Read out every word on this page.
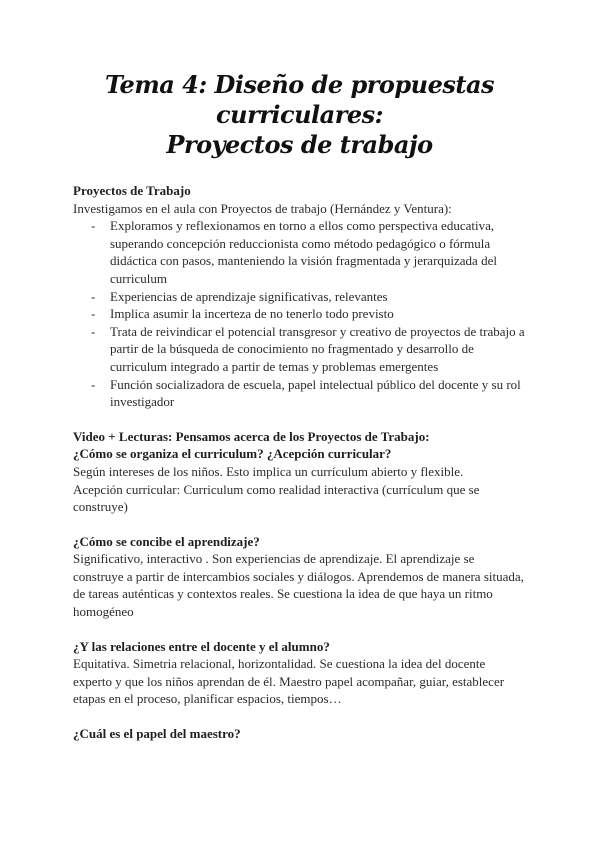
Tema 4: Diseño de propuestas curriculares:
Proyectos de trabajo

Proyectos de Trabajo

Investigamos en el aula con Proyectos de trabajo (Hernández y Ventura):

- Exploramos y reflexionamos en torno a ellos como perspectiva educativa, superando concepción reduccionista como método pedagógico o fórmula didáctica con pasos, manteniendo la visión fragmentada y jerarquizada del curriculum
- Experiencias de aprendizaje significativas, relevantes
- Implica asumir la incerteza de no tenerlo todo previsto
- Trata de reivindicar el potencial transgresor y creativo de proyectos de trabajo a partir de la búsqueda de conocimiento no fragmentado y desarrollo de curriculum integrado a partir de temas y problemas emergentes
- Función socializadora de escuela, papel intelectual público del docente y su rol investigador

Video + Lecturas: Pensamos acerca de los Proyectos de Trabajo:

¿Cómo se organiza el curriculum? ¿Acepción curricular?

Según intereses de los niños. Esto implica un currículum abierto y flexible.

Acepción curricular: Curriculum como realidad interactiva (currículum que se construye)

¿Cómo se concibe el aprendizaje?

Significativo, interactivo . Son experiencias de aprendizaje. El aprendizaje se construye a partir de intercambios sociales y diálogos. Aprendemos de manera situada, de tareas auténticas y contextos reales. Se cuestiona la idea de que haya un ritmo homogéneo

¿Y las relaciones entre el docente y el alumno?

Equitativa. Simetria relacional, horizontalidad. Se cuestiona la idea del docente experto y que los niños aprendan de él. Maestro papel acompañar, guiar, establecer etapas en el proceso, planificar espacios, tiempos…

¿Cuál es el papel del maestro?
